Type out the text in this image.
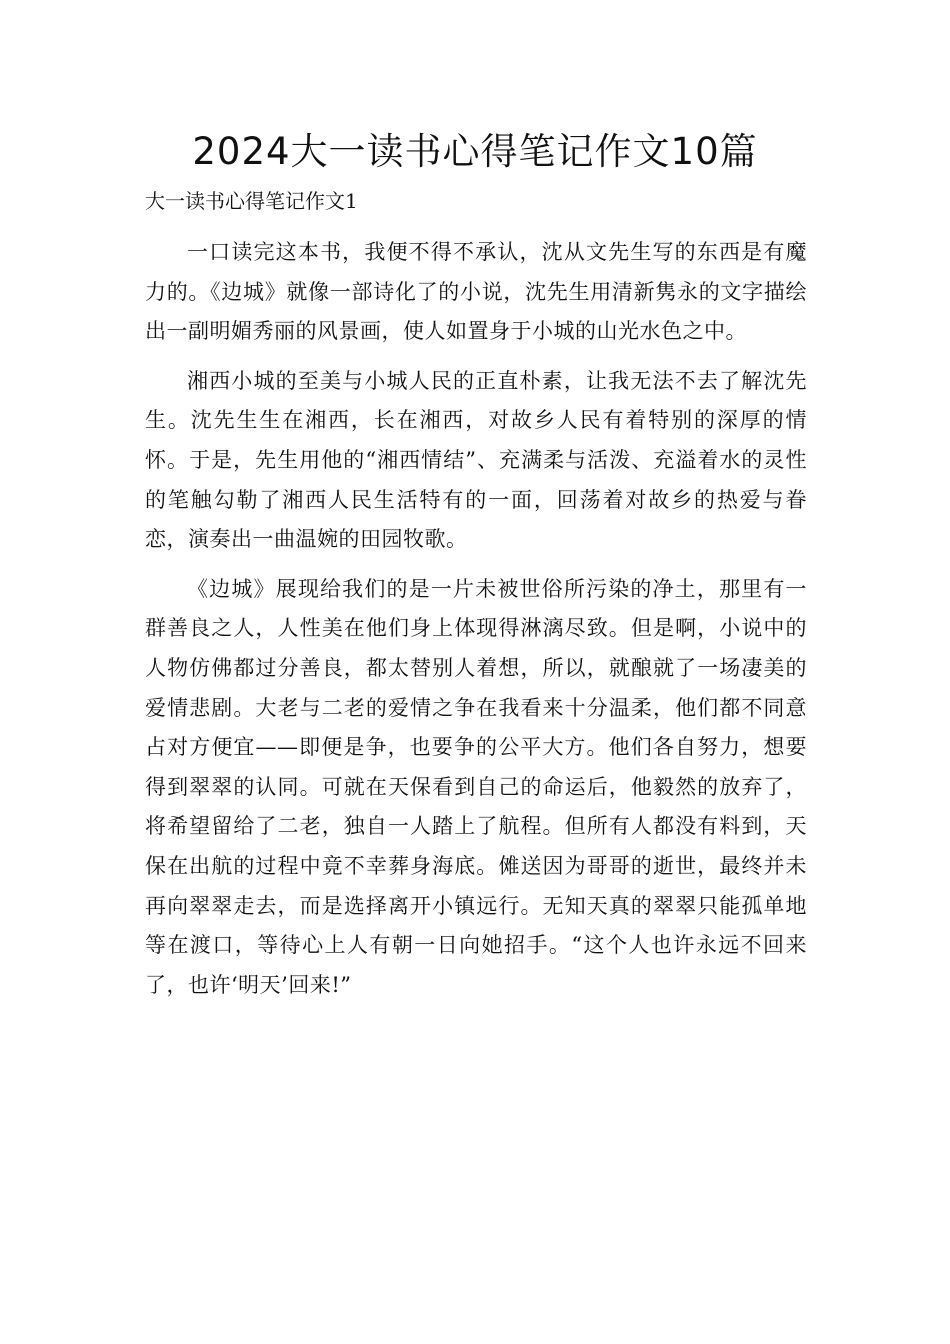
2024大一读书心得笔记作文10篇
大一读书心得笔记作文1

一口读完这本书，我便不得不承认，沈从文先生写的东西是有魔力的。《边城》就像一部诗化了的小说，沈先生用清新隽永的文字描绘出一副明媚秀丽的风景画，使人如置身于小城的山光水色之中。

湘西小城的至美与小城人民的正直朴素，让我无法不去了解沈先生。沈先生生在湘西，长在湘西，对故乡人民有着特别的深厚的情怀。于是，先生用他的“湘西情结”、充满柔与活泼、充溢着水的灵性的笔触勾勒了湘西人民生活特有的一面，回荡着对故乡的热爱与眷恋，演奏出一曲温婉的田园牧歌。

《边城》展现给我们的是一片未被世俗所污染的净土，那里有一群善良之人，人性美在他们身上体现得淋漓尽致。但是啊，小说中的人物仿佛都过分善良，都太替别人着想，所以，就酿就了一场凄美的爱情悲剧。大老与二老的爱情之争在我看来十分温柔，他们都不同意占对方便宜——即便是争，也要争的公平大方。他们各自努力，想要得到翠翠的认同。可就在天保看到自己的命运后，他毅然的放弃了，将希望留给了二老，独自一人踏上了航程。但所有人都没有料到，天保在出航的过程中竟不幸葬身海底。傩送因为哥哥的逝世，最终并未再向翠翠走去，而是选择离开小镇远行。无知天真的翠翠只能孤单地等在渡口，等待心上人有朝一日向她招手。“这个人也许永远不回来了，也许‘明天’回来!”
